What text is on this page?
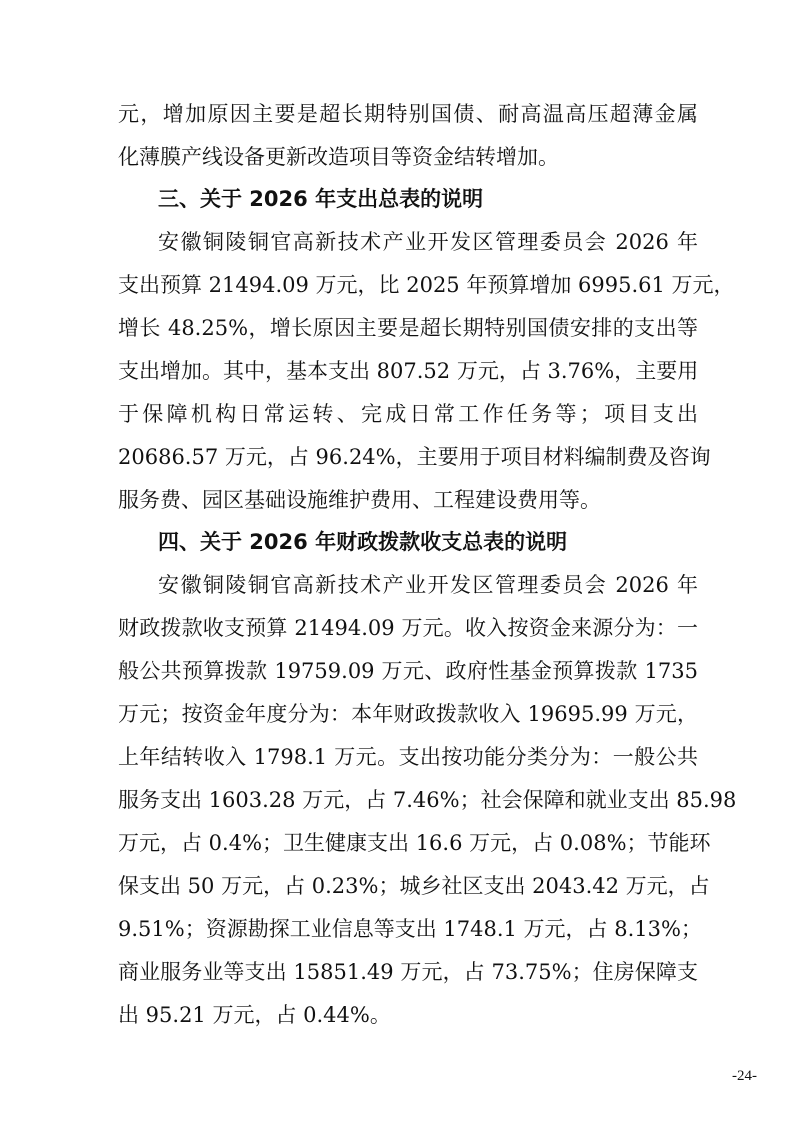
元，增加原因主要是超长期特别国债、耐高温高压超薄金属
化薄膜产线设备更新改造项目等资金结转增加。
三、关于 2026 年支出总表的说明
安徽铜陵铜官高新技术产业开发区管理委员会 2026 年
支出预算 21494.09 万元，比 2025 年预算增加 6995.61 万元，
增长 48.25%，增长原因主要是超长期特别国债安排的支出等
支出增加。其中，基本支出 807.52 万元，占 3.76%，主要用
于保障机构日常运转、完成日常工作任务等；项目支出
20686.57 万元，占 96.24%，主要用于项目材料编制费及咨询
服务费、园区基础设施维护费用、工程建设费用等。
四、关于 2026 年财政拨款收支总表的说明
安徽铜陵铜官高新技术产业开发区管理委员会 2026 年
财政拨款收支预算 21494.09 万元。收入按资金来源分为：一
般公共预算拨款 19759.09 万元、政府性基金预算拨款 1735
万元；按资金年度分为：本年财政拨款收入 19695.99 万元，
上年结转收入 1798.1 万元。支出按功能分类分为：一般公共
服务支出 1603.28 万元，占 7.46%；社会保障和就业支出 85.98
万元，占 0.4%；卫生健康支出 16.6 万元，占 0.08%；节能环
保支出 50 万元，占 0.23%；城乡社区支出 2043.42 万元，占
9.51%；资源勘探工业信息等支出 1748.1 万元，占 8.13%；
商业服务业等支出 15851.49 万元，占 73.75%；住房保障支
出 95.21 万元，占 0.44%。
-24-
